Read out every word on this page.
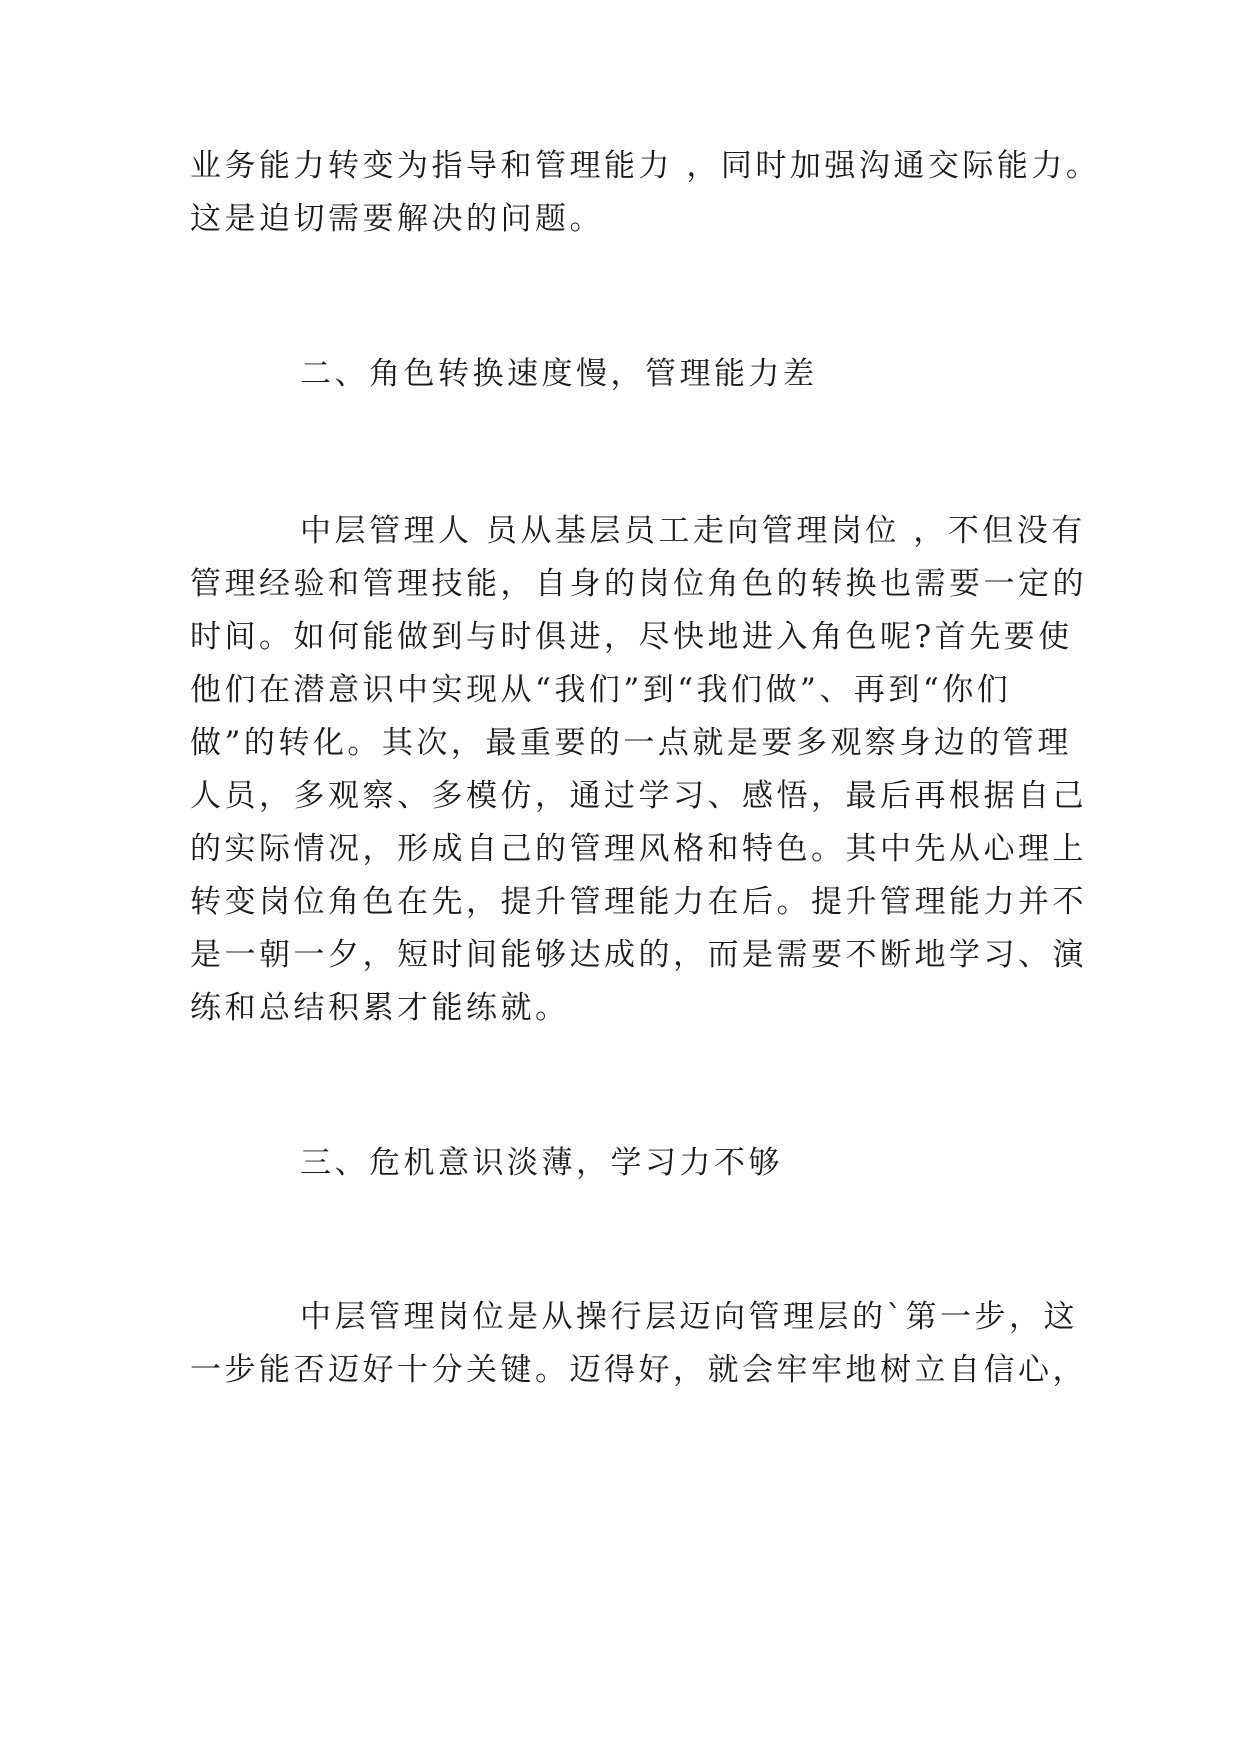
业务能力转变为指导和管理能力 ，同时加强沟通交际能力。
这是迫切需要解决的问题。
二、角色转换速度慢，管理能力差
中层管理人 员从基层员工走向管理岗位 ，不但没有
管理经验和管理技能，自身的岗位角色的转换也需要一定的
时间。如何能做到与时俱进，尽快地进入角色呢?首先要使
他们在潜意识中实现从“我们”到“我们做”、再到“你们
做”的转化。其次，最重要的一点就是要多观察身边的管理
人员，多观察、多模仿，通过学习、感悟，最后再根据自己
的实际情况，形成自己的管理风格和特色。其中先从心理上
转变岗位角色在先，提升管理能力在后。提升管理能力并不
是一朝一夕，短时间能够达成的，而是需要不断地学习、演
练和总结积累才能练就。
三、危机意识淡薄，学习力不够
中层管理岗位是从操行层迈向管理层的`第一步，这
一步能否迈好十分关键。迈得好，就会牢牢地树立自信心，
